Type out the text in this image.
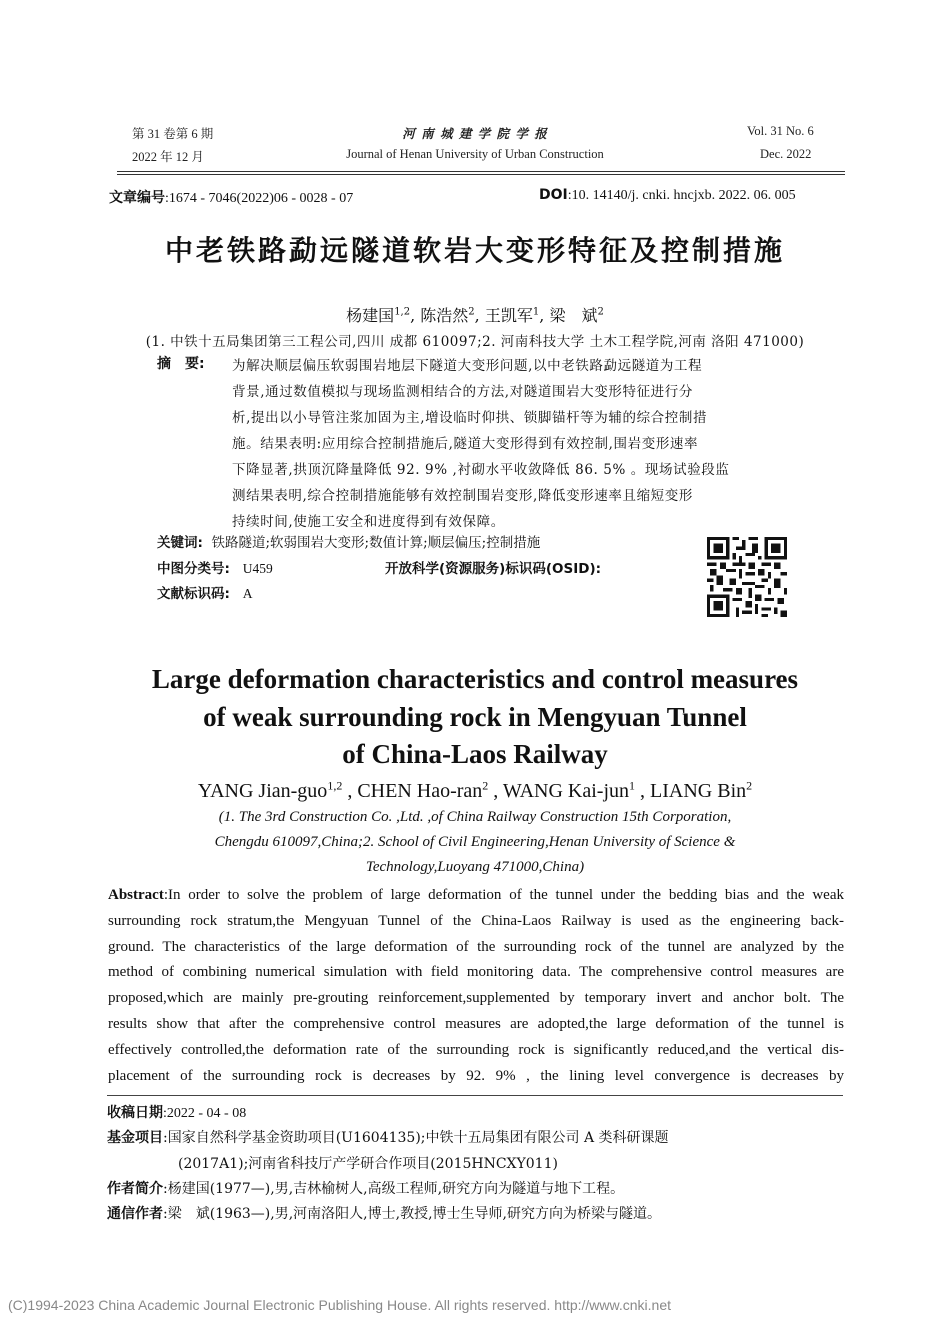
第 31 卷第 6 期
2022 年 12 月
河 南 城 建 学 院 学 报
Journal of Henan University of Urban Construction
Vol. 31 No. 6
Dec. 2022
文章编号:1674 - 7046(2022)06 - 0028 - 07	DOI:10. 14140/j. cnki. hncjxb. 2022. 06. 005
中老铁路勐远隧道软岩大变形特征及控制措施
杨建国$^{1,2}$, 陈浩然$^2$, 王凯军$^1$, 梁　斌$^2$
(1. 中铁十五局集团第三工程公司,四川 成都 610097;2. 河南科技大学 土木工程学院,河南 洛阳 471000)
摘　要: 为解决顺层偏压软弱围岩地层下隧道大变形问题,以中老铁路勐远隧道为工程
背景,通过数值模拟与现场监测相结合的方法,对隧道围岩大变形特征进行分
析,提出以小导管注浆加固为主,增设临时仰拱、锁脚锚杆等为辅的综合控制措
施。结果表明:应用综合控制措施后,隧道大变形得到有效控制,围岩变形速率
下降显著,拱顶沉降量降低 92. 9% ,衬砌水平收敛降低 86. 5% 。现场试验段监
测结果表明,综合控制措施能够有效控制围岩变形,降低变形速率且缩短变形
持续时间,使施工安全和进度得到有效保障。
关键词: 铁路隧道;软弱围岩大变形;数值计算;顺层偏压;控制措施
中图分类号: U459	开放科学(资源服务)标识码(OSID):
文献标识码: A
Large deformation characteristics and control measures
of weak surrounding rock in Mengyuan Tunnel
of China-Laos Railway
YANG Jian-guo$^{1,2}$ , CHEN Hao-ran$^2$ , WANG Kai-jun$^1$ , LIANG Bin$^2$
(1. The 3rd Construction Co. ,Ltd. ,of China Railway Construction 15th Corporation,
Chengdu 610097,China;2. School of Civil Engineering,Henan University of Science &
Technology,Luoyang 471000,China)
Abstract:In order to solve the problem of large deformation of the tunnel under the bedding bias and the weak
surrounding rock stratum,the Mengyuan Tunnel of the China-Laos Railway is used as the engineering back-
ground. The characteristics of the large deformation of the surrounding rock of the tunnel are analyzed by the
method of combining numerical simulation with field monitoring data. The comprehensive control measures are
proposed,which are mainly pre-grouting reinforcement,supplemented by temporary invert and anchor bolt. The
results show that after the comprehensive control measures are adopted,the large deformation of the tunnel is
effectively controlled,the deformation rate of the surrounding rock is significantly reduced,and the vertical dis-
placement of the surrounding rock is decreases by 92. 9% , the lining level convergence is decreases by
收稿日期:2022 - 04 - 08
基金项目:国家自然科学基金资助项目(U1604135);中铁十五局集团有限公司 A 类科研课题
(2017A1);河南省科技厅产学研合作项目(2015HNCXY011)
作者简介:杨建国(1977—),男,吉林榆树人,高级工程师,研究方向为隧道与地下工程。
通信作者:梁　斌(1963—),男,河南洛阳人,博士,教授,博士生导师,研究方向为桥梁与隧道。
(C)1994-2023 China Academic Journal Electronic Publishing House. All rights reserved. http://www.cnki.net
